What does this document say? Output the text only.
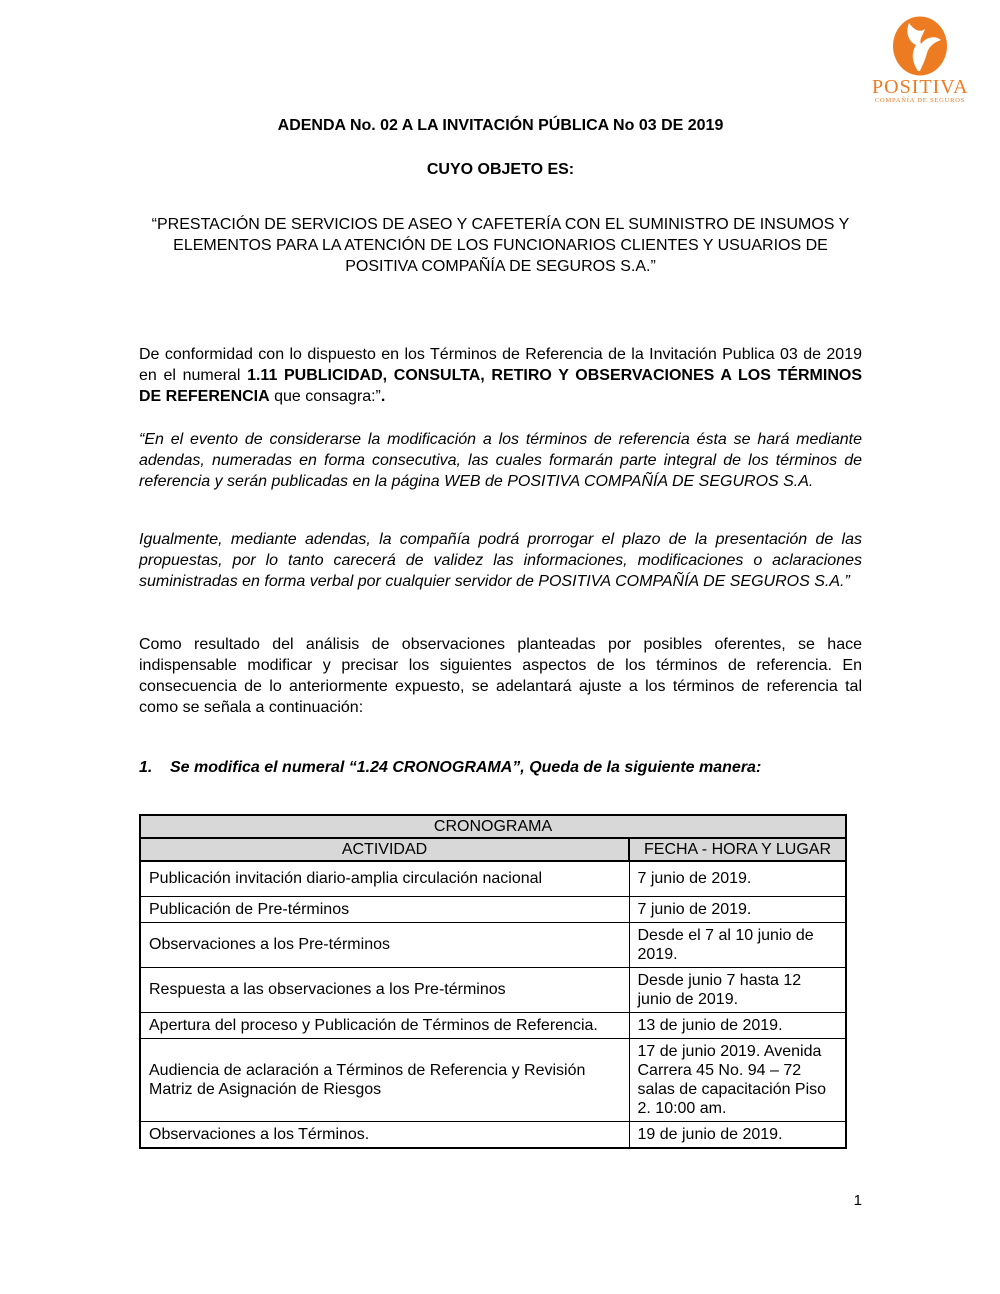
POSITIVA
COMPAÑÍA DE SEGUROS
ADENDA No. 02 A LA INVITACIÓN PÚBLICA No 03 DE 2019
CUYO OBJETO ES:
“PRESTACIÓN DE SERVICIOS DE ASEO Y CAFETERÍA CON EL SUMINISTRO DE INSUMOS Y ELEMENTOS PARA LA ATENCIÓN DE LOS FUNCIONARIOS CLIENTES Y USUARIOS DE POSITIVA COMPAÑÍA DE SEGUROS S.A.”
De conformidad con lo dispuesto en los Términos de Referencia de la Invitación Publica 03 de 2019 en el numeral 1.11 PUBLICIDAD, CONSULTA, RETIRO Y OBSERVACIONES A LOS TÉRMINOS DE REFERENCIA que consagra:”.
“En el evento de considerarse la modificación a los términos de referencia ésta se hará mediante adendas, numeradas en forma consecutiva, las cuales formarán parte integral de los términos de referencia y serán publicadas en la página WEB de POSITIVA COMPAÑÍA DE SEGUROS S.A.
Igualmente, mediante adendas, la compañía podrá prorrogar el plazo de la presentación de las propuestas, por lo tanto carecerá de validez las informaciones, modificaciones o aclaraciones suministradas en forma verbal por cualquier servidor de POSITIVA COMPAÑÍA DE SEGUROS S.A.”
Como resultado del análisis de observaciones planteadas por posibles oferentes, se hace indispensable modificar y precisar los siguientes aspectos de los términos de referencia. En consecuencia de lo anteriormente expuesto, se adelantará ajuste a los términos de referencia tal como se señala a continuación:
1.	Se modifica el numeral “1.24 CRONOGRAMA”, Queda de la siguiente manera:
CRONOGRAMA	
ACTIVIDAD	FECHA - HORA Y LUGAR
Publicación invitación diario-amplia circulación nacional	7 junio de 2019.
Publicación de Pre-términos	7 junio de 2019.
Observaciones a los Pre-términos	Desde el 7 al 10 junio de 2019.
Respuesta a las observaciones a los Pre-términos	Desde junio 7 hasta 12 junio de 2019.
Apertura del proceso y Publicación de Términos de Referencia.	13 de junio de 2019.
Audiencia de aclaración a Términos de Referencia y Revisión Matriz de Asignación de Riesgos	17 de junio 2019. Avenida Carrera 45 No. 94 – 72 salas de capacitación Piso 2. 10:00 am.
Observaciones a los Términos.	19 de junio de 2019.
1
